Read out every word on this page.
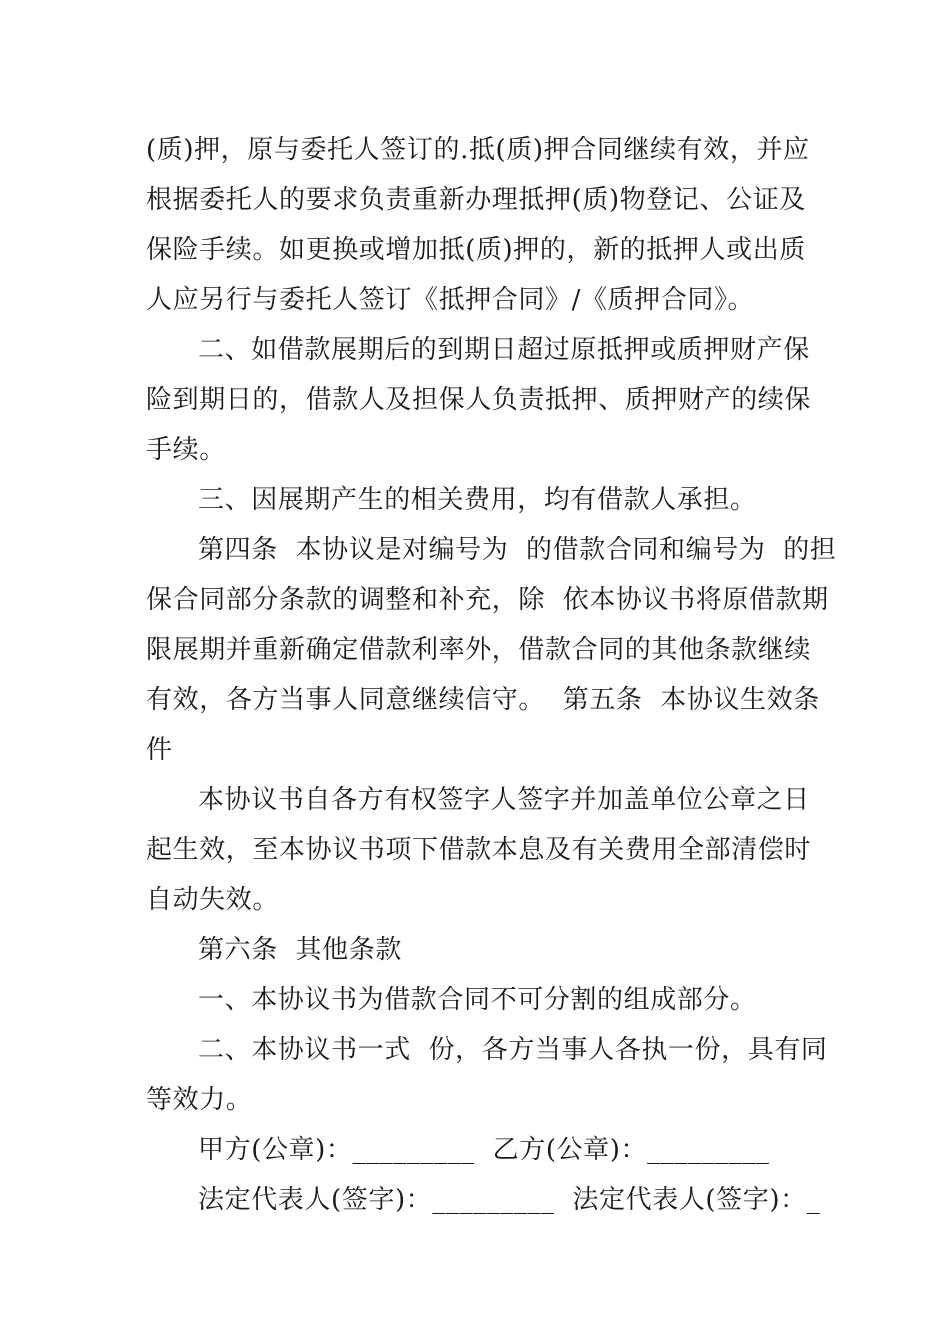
(质)押，原与委托人签订的.抵(质)押合同继续有效，并应
根据委托人的要求负责重新办理抵押(质)物登记、公证及
保险手续。如更换或增加抵(质)押的，新的抵押人或出质
人应另行与委托人签订《抵押合同》/《质押合同》。
二、如借款展期后的到期日超过原抵押或质押财产保
险到期日的，借款人及担保人负责抵押、质押财产的续保
手续。
三、因展期产生的相关费用，均有借款人承担。
第四条  本协议是对编号为  的借款合同和编号为  的担
保合同部分条款的调整和补充，除  依本协议书将原借款期
限展期并重新确定借款利率外，借款合同的其他条款继续
有效，各方当事人同意继续信守。  第五条  本协议生效条
件
本协议书自各方有权签字人签字并加盖单位公章之日
起生效，至本协议书项下借款本息及有关费用全部清偿时
自动失效。
第六条  其他条款
一、本协议书为借款合同不可分割的组成部分。
二、本协议书一式  份，各方当事人各执一份，具有同
等效力。
甲方(公章)：_________  乙方(公章)：_________
法定代表人(签字)：_________  法定代表人(签字)：_
